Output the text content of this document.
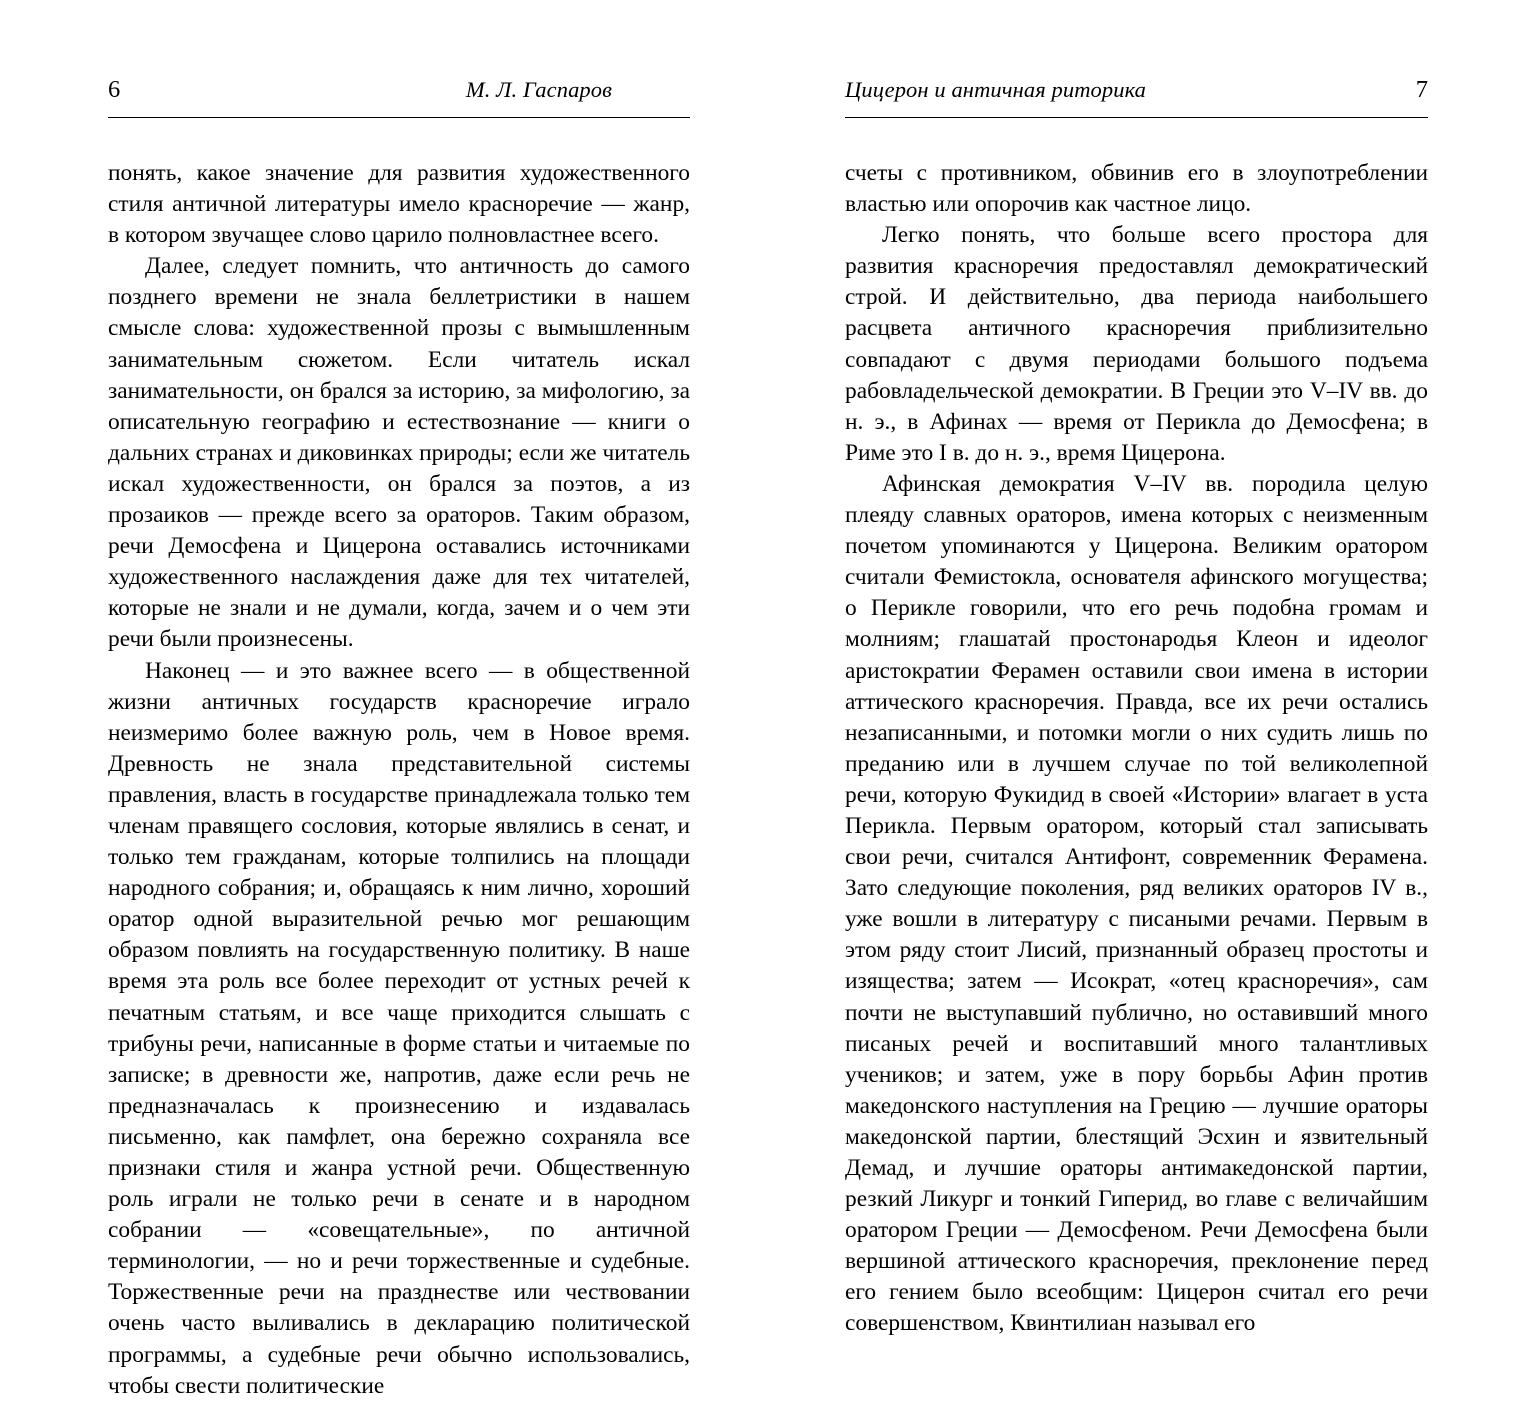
6	М. Л. Гаспаров

понять, какое значение для развития художественного стиля античной литературы имело красноречие — жанр, в котором звучащее слово царило полновластнее всего.

Далее, следует помнить, что античность до самого позднего времени не знала беллетристики в нашем смысле слова: художественной прозы с вымышленным занимательным сюжетом. Если читатель искал занимательности, он брался за историю, за мифологию, за описательную географию и естествознание — книги о дальних странах и диковинках природы; если же читатель искал художественности, он брался за поэтов, а из прозаиков — прежде всего за ораторов. Таким образом, речи Демосфена и Цицерона оставались источниками художественного наслаждения даже для тех читателей, которые не знали и не думали, когда, зачем и о чем эти речи были произнесены.

Наконец — и это важнее всего — в общественной жизни античных государств красноречие играло неизмеримо более важную роль, чем в Новое время. Древность не знала представительной системы правления, власть в государстве принадлежала только тем членам правящего сословия, которые являлись в сенат, и только тем гражданам, которые толпились на площади народного собрания; и, обращаясь к ним лично, хороший оратор одной выразительной речью мог решающим образом повлиять на государственную политику. В наше время эта роль все более переходит от устных речей к печатным статьям, и все чаще приходится слышать с трибуны речи, написанные в форме статьи и читаемые по записке; в древности же, напротив, даже если речь не предназначалась к произнесению и издавалась письменно, как памфлет, она бережно сохраняла все признаки стиля и жанра устной речи. Общественную роль играли не только речи в сенате и в народном собрании — «совещательные», по античной терминологии, — но и речи торжественные и судебные. Торжественные речи на празднестве или чествовании очень часто выливались в декларацию политической программы, а судебные речи обычно использовались, чтобы свести политические

Цицерон и античная риторика	7

счеты с противником, обвинив его в злоупотреблении властью или опорочив как частное лицо.

Легко понять, что больше всего простора для развития красноречия предоставлял демократический строй. И действительно, два периода наибольшего расцвета античного красноречия приблизительно совпадают с двумя периодами большого подъема рабовладельческой демократии. В Греции это V–IV вв. до н. э., в Афинах — время от Перикла до Демосфена; в Риме это I в. до н. э., время Цицерона.

Афинская демократия V–IV вв. породила целую плеяду славных ораторов, имена которых с неизменным почетом упоминаются у Цицерона. Великим оратором считали Фемистокла, основателя афинского могущества; о Перикле говорили, что его речь подобна громам и молниям; глашатай простонародья Клеон и идеолог аристократии Ферамен оставили свои имена в истории аттического красноречия. Правда, все их речи остались незаписанными, и потомки могли о них судить лишь по преданию или в лучшем случае по той великолепной речи, которую Фукидид в своей «Истории» влагает в уста Перикла. Первым оратором, который стал записывать свои речи, считался Антифонт, современник Ферамена. Зато следующие поколения, ряд великих ораторов IV в., уже вошли в литературу с писаными речами. Первым в этом ряду стоит Лисий, признанный образец простоты и изящества; затем — Исократ, «отец красноречия», сам почти не выступавший публично, но оставивший много писаных речей и воспитавший много талантливых учеников; и затем, уже в пору борьбы Афин против македонского наступления на Грецию — лучшие ораторы македонской партии, блестящий Эсхин и язвительный Демад, и лучшие ораторы антимакедонской партии, резкий Ликург и тонкий Гиперид, во главе с величайшим оратором Греции — Демосфеном. Речи Демосфена были вершиной аттического красноречия, преклонение перед его гением было всеобщим: Цицерон считал его речи совершенством, Квинтилиан называл его
